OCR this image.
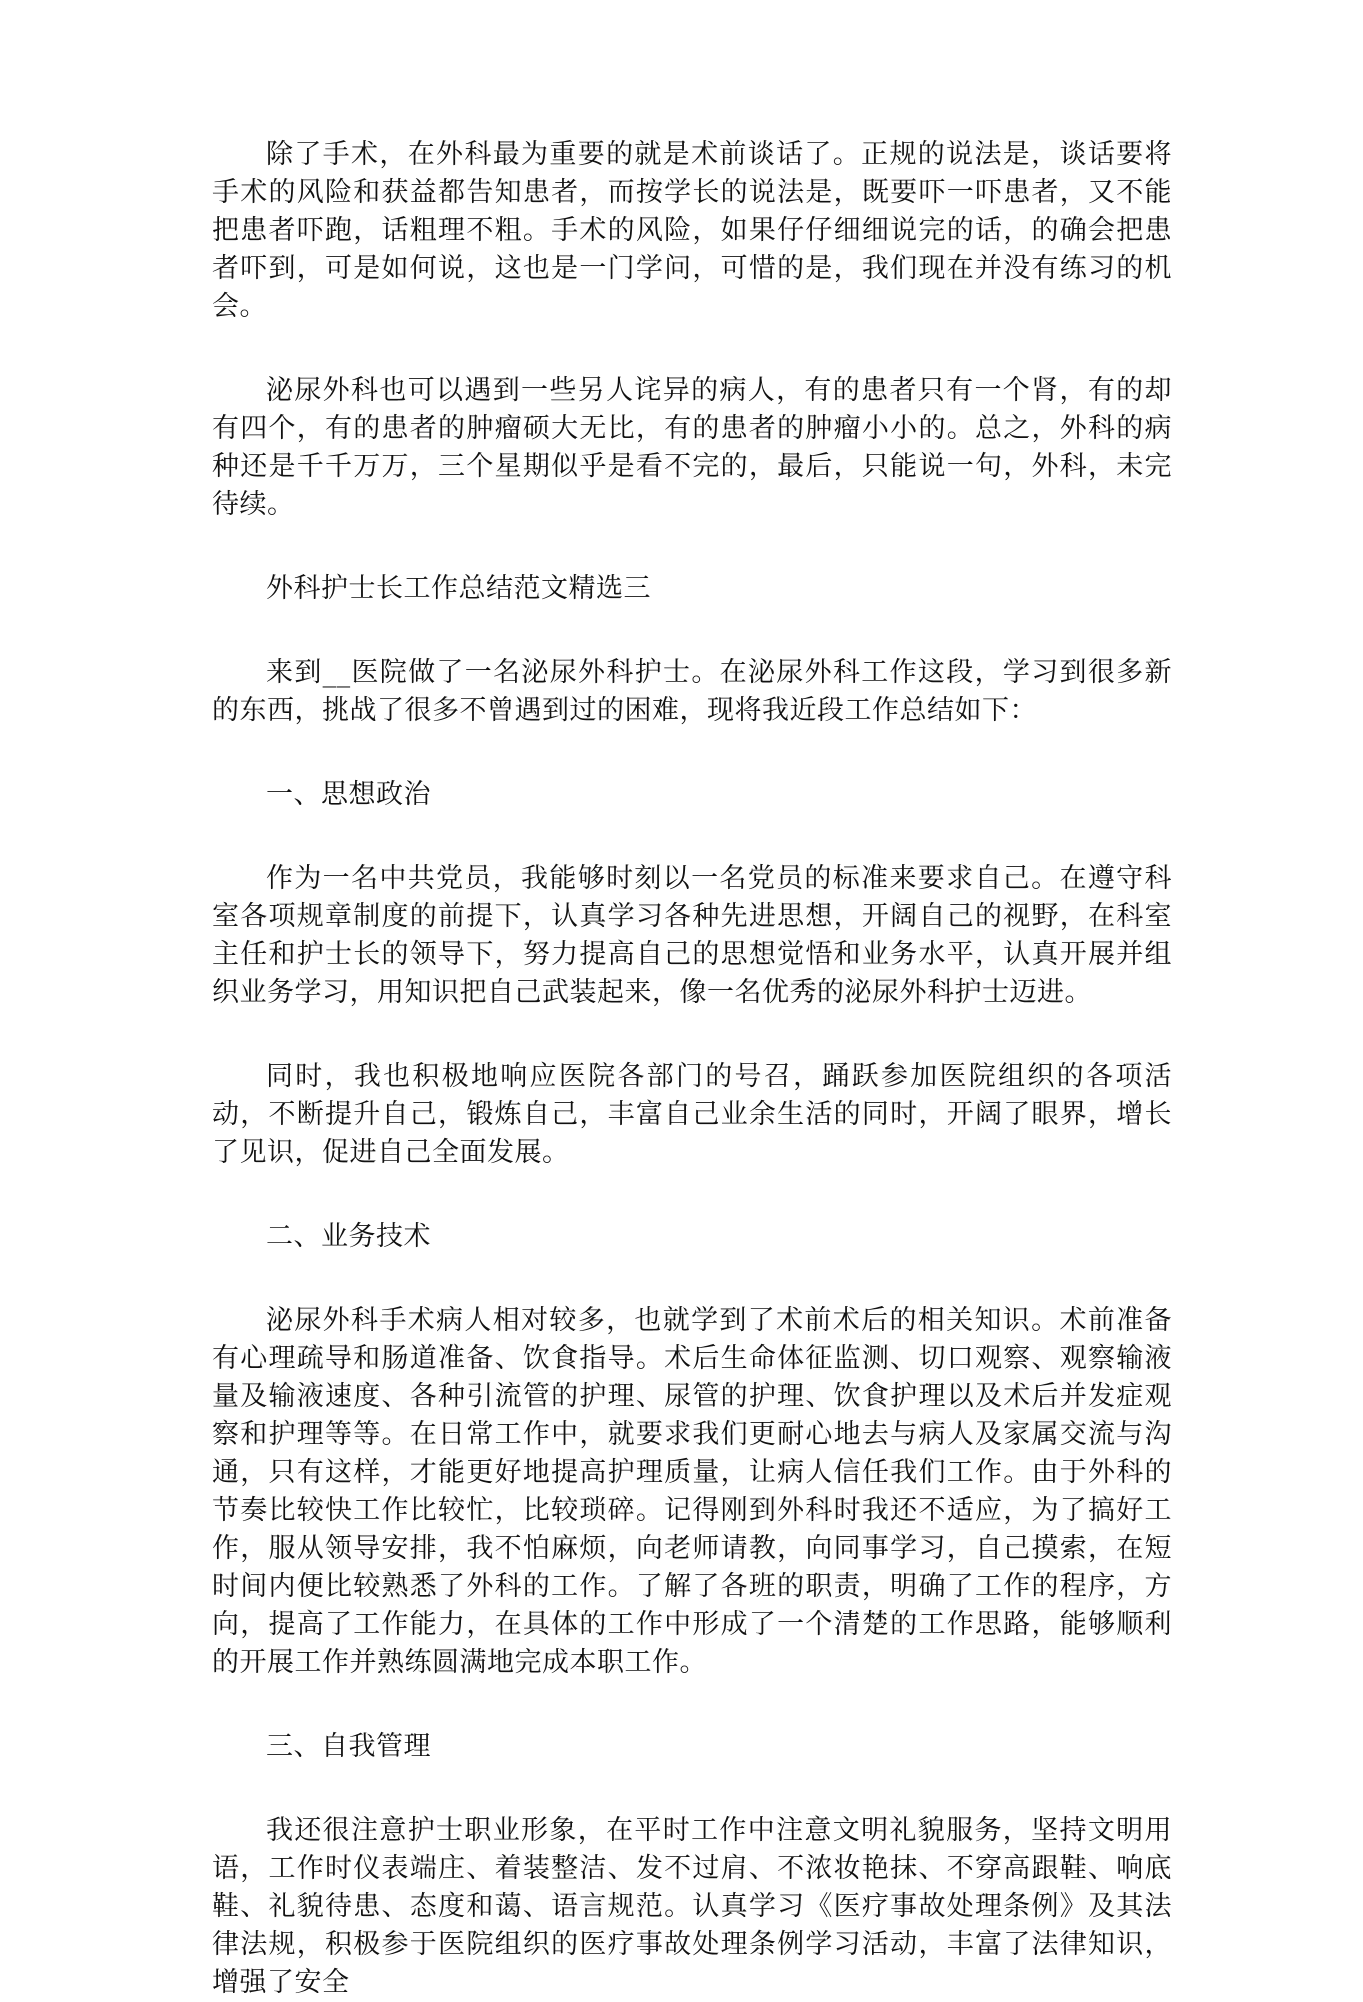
除了手术，在外科最为重要的就是术前谈话了。正规的说法是，谈话要将手术的风险和获益都告知患者，而按学长的说法是，既要吓一吓患者，又不能把患者吓跑，话粗理不粗。手术的风险，如果仔仔细细说完的话，的确会把患者吓到，可是如何说，这也是一门学问，可惜的是，我们现在并没有练习的机会。

泌尿外科也可以遇到一些另人诧异的病人，有的患者只有一个肾，有的却有四个，有的患者的肿瘤硕大无比，有的患者的肿瘤小小的。总之，外科的病种还是千千万万，三个星期似乎是看不完的，最后，只能说一句，外科，未完待续。

外科护士长工作总结范文精选三

来到__医院做了一名泌尿外科护士。在泌尿外科工作这段，学习到很多新的东西，挑战了很多不曾遇到过的困难，现将我近段工作总结如下：

一、思想政治

作为一名中共党员，我能够时刻以一名党员的标准来要求自己。在遵守科室各项规章制度的前提下，认真学习各种先进思想，开阔自己的视野，在科室主任和护士长的领导下，努力提高自己的思想觉悟和业务水平，认真开展并组织业务学习，用知识把自己武装起来，像一名优秀的泌尿外科护士迈进。

同时，我也积极地响应医院各部门的号召，踊跃参加医院组织的各项活动，不断提升自己，锻炼自己，丰富自己业余生活的同时，开阔了眼界，增长了见识，促进自己全面发展。

二、业务技术

泌尿外科手术病人相对较多，也就学到了术前术后的相关知识。术前准备有心理疏导和肠道准备、饮食指导。术后生命体征监测、切口观察、观察输液量及输液速度、各种引流管的护理、尿管的护理、饮食护理以及术后并发症观察和护理等等。在日常工作中，就要求我们更耐心地去与病人及家属交流与沟通，只有这样，才能更好地提高护理质量，让病人信任我们工作。由于外科的节奏比较快工作比较忙，比较琐碎。记得刚到外科时我还不适应，为了搞好工作，服从领导安排，我不怕麻烦，向老师请教，向同事学习，自己摸索，在短时间内便比较熟悉了外科的工作。了解了各班的职责，明确了工作的程序，方向，提高了工作能力，在具体的工作中形成了一个清楚的工作思路，能够顺利的开展工作并熟练圆满地完成本职工作。

三、自我管理

我还很注意护士职业形象，在平时工作中注意文明礼貌服务，坚持文明用语，工作时仪表端庄、着装整洁、发不过肩、不浓妆艳抹、不穿高跟鞋、响底鞋、礼貌待患、态度和蔼、语言规范。认真学习《医疗事故处理条例》及其法律法规，积极参于医院组织的医疗事故处理条例学习活动，丰富了法律知识，增强了安全
